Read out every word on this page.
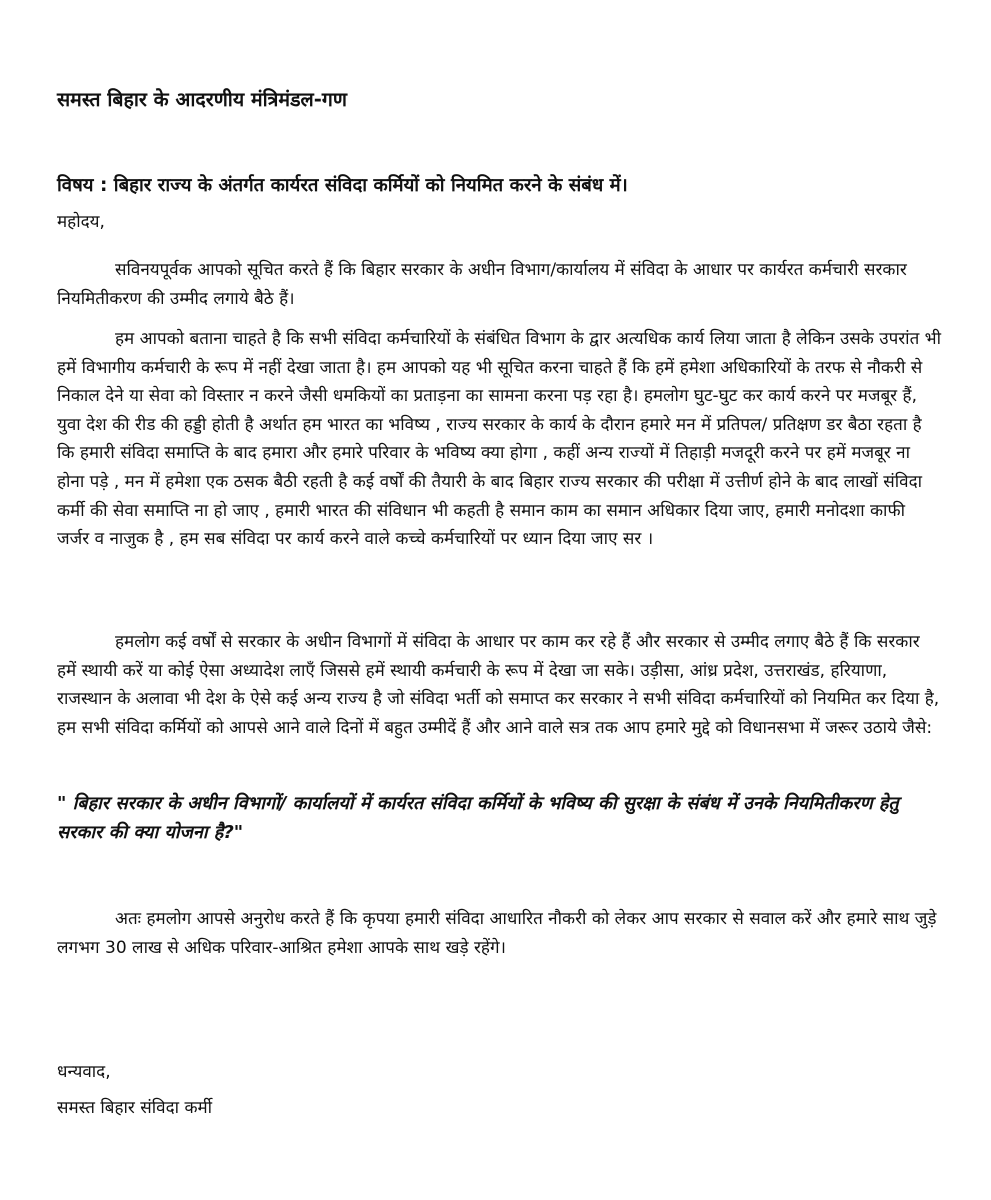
समस्त बिहार के आदरणीय मंत्रिमंडल-गण

विषय : बिहार राज्य के अंतर्गत कार्यरत संविदा कर्मियों को नियमित करने के संबंध में।

महोदय,

सविनयपूर्वक आपको सूचित करते हैं कि बिहार सरकार के अधीन विभाग/कार्यालय में संविदा के आधार पर कार्यरत कर्मचारी सरकार नियमितीकरण की उम्मीद लगाये बैठे हैं।

हम आपको बताना चाहते है कि सभी संविदा कर्मचारियों के संबंधित विभाग के द्वार अत्यधिक कार्य लिया जाता है लेकिन उसके उपरांत भी हमें विभागीय कर्मचारी के रूप में नहीं देखा जाता है। हम आपको यह भी सूचित करना चाहते हैं कि हमें हमेशा अधिकारियों के तरफ से नौकरी से निकाल देने या सेवा को विस्तार न करने जैसी धमकियों का प्रताड़ना का सामना करना पड़ रहा है। हमलोग घुट-घुट कर कार्य करने पर मजबूर हैं, युवा देश की रीड की हड्डी हाेती है अर्थात हम भारत का भविष्य , राज्य सरकार के कार्य के दौरान हमारे मन में प्रतिपल/ प्रतिक्षण डर बैठा रहता है कि हमारी संविदा समाप्ति के बाद हमारा और हमारे परिवार के भविष्य क्या होगा , कहीं अन्य राज्यों में तिहाड़ी मजदूरी करने पर हमें मजबूर ना होना पड़े , मन में हमेशा एक ठसक बैठी रहती है कई वर्षों की तैयारी के बाद बिहार राज्य सरकार की परीक्षा में उत्तीर्ण होने के बाद लाखों संविदा कर्मी की सेवा समाप्ति ना हो जाए , हमारी भारत की संविधान भी कहती है समान काम का समान अधिकार दिया जाए, हमारी मनोदशा काफी जर्जर व नाजुक है , हम सब संविदा पर कार्य करने वाले कच्चे कर्मचारियों पर ध्यान दिया जाए सर ।

हमलोग कई वर्षों से सरकार के अधीन विभागों में संविदा के आधार पर काम कर रहे हैं और सरकार से उम्मीद लगाए बैठे हैं कि सरकार हमें स्थायी करें या कोई ऐसा अध्यादेश लाएँ जिससे हमें स्थायी कर्मचारी के रूप में देखा जा सके। उड़ीसा, आंध्र प्रदेश, उत्तराखंड, हरियाणा, राजस्थान के अलावा भी देश के ऐसे कई अन्य राज्य है जो संविदा भर्ती को समाप्त कर सरकार ने सभी संविदा कर्मचारियों को नियमित कर दिया है, हम सभी संविदा कर्मियों को आपसे आने वाले दिनों में बहुत उम्मीदें हैं और आने वाले सत्र तक आप हमारे मुद्दे को विधानसभा में जरूर उठाये जैसे:

" बिहार सरकार के अधीन विभागों/ कार्यालयों में कार्यरत संविदा कर्मियों के भविष्य की सुरक्षा के संबंध में उनके नियमितीकरण हेतु सरकार की क्या योजना है?"

अतः हमलोग आपसे अनुरोध करते हैं कि कृपया हमारी संविदा आधारित नौकरी को लेकर आप सरकार से सवाल करें और हमारे साथ जुड़े लगभग 30 लाख से अधिक परिवार-आश्रित हमेशा आपके साथ खड़े रहेंगे।

धन्यवाद,

समस्त बिहार संविदा कर्मी
